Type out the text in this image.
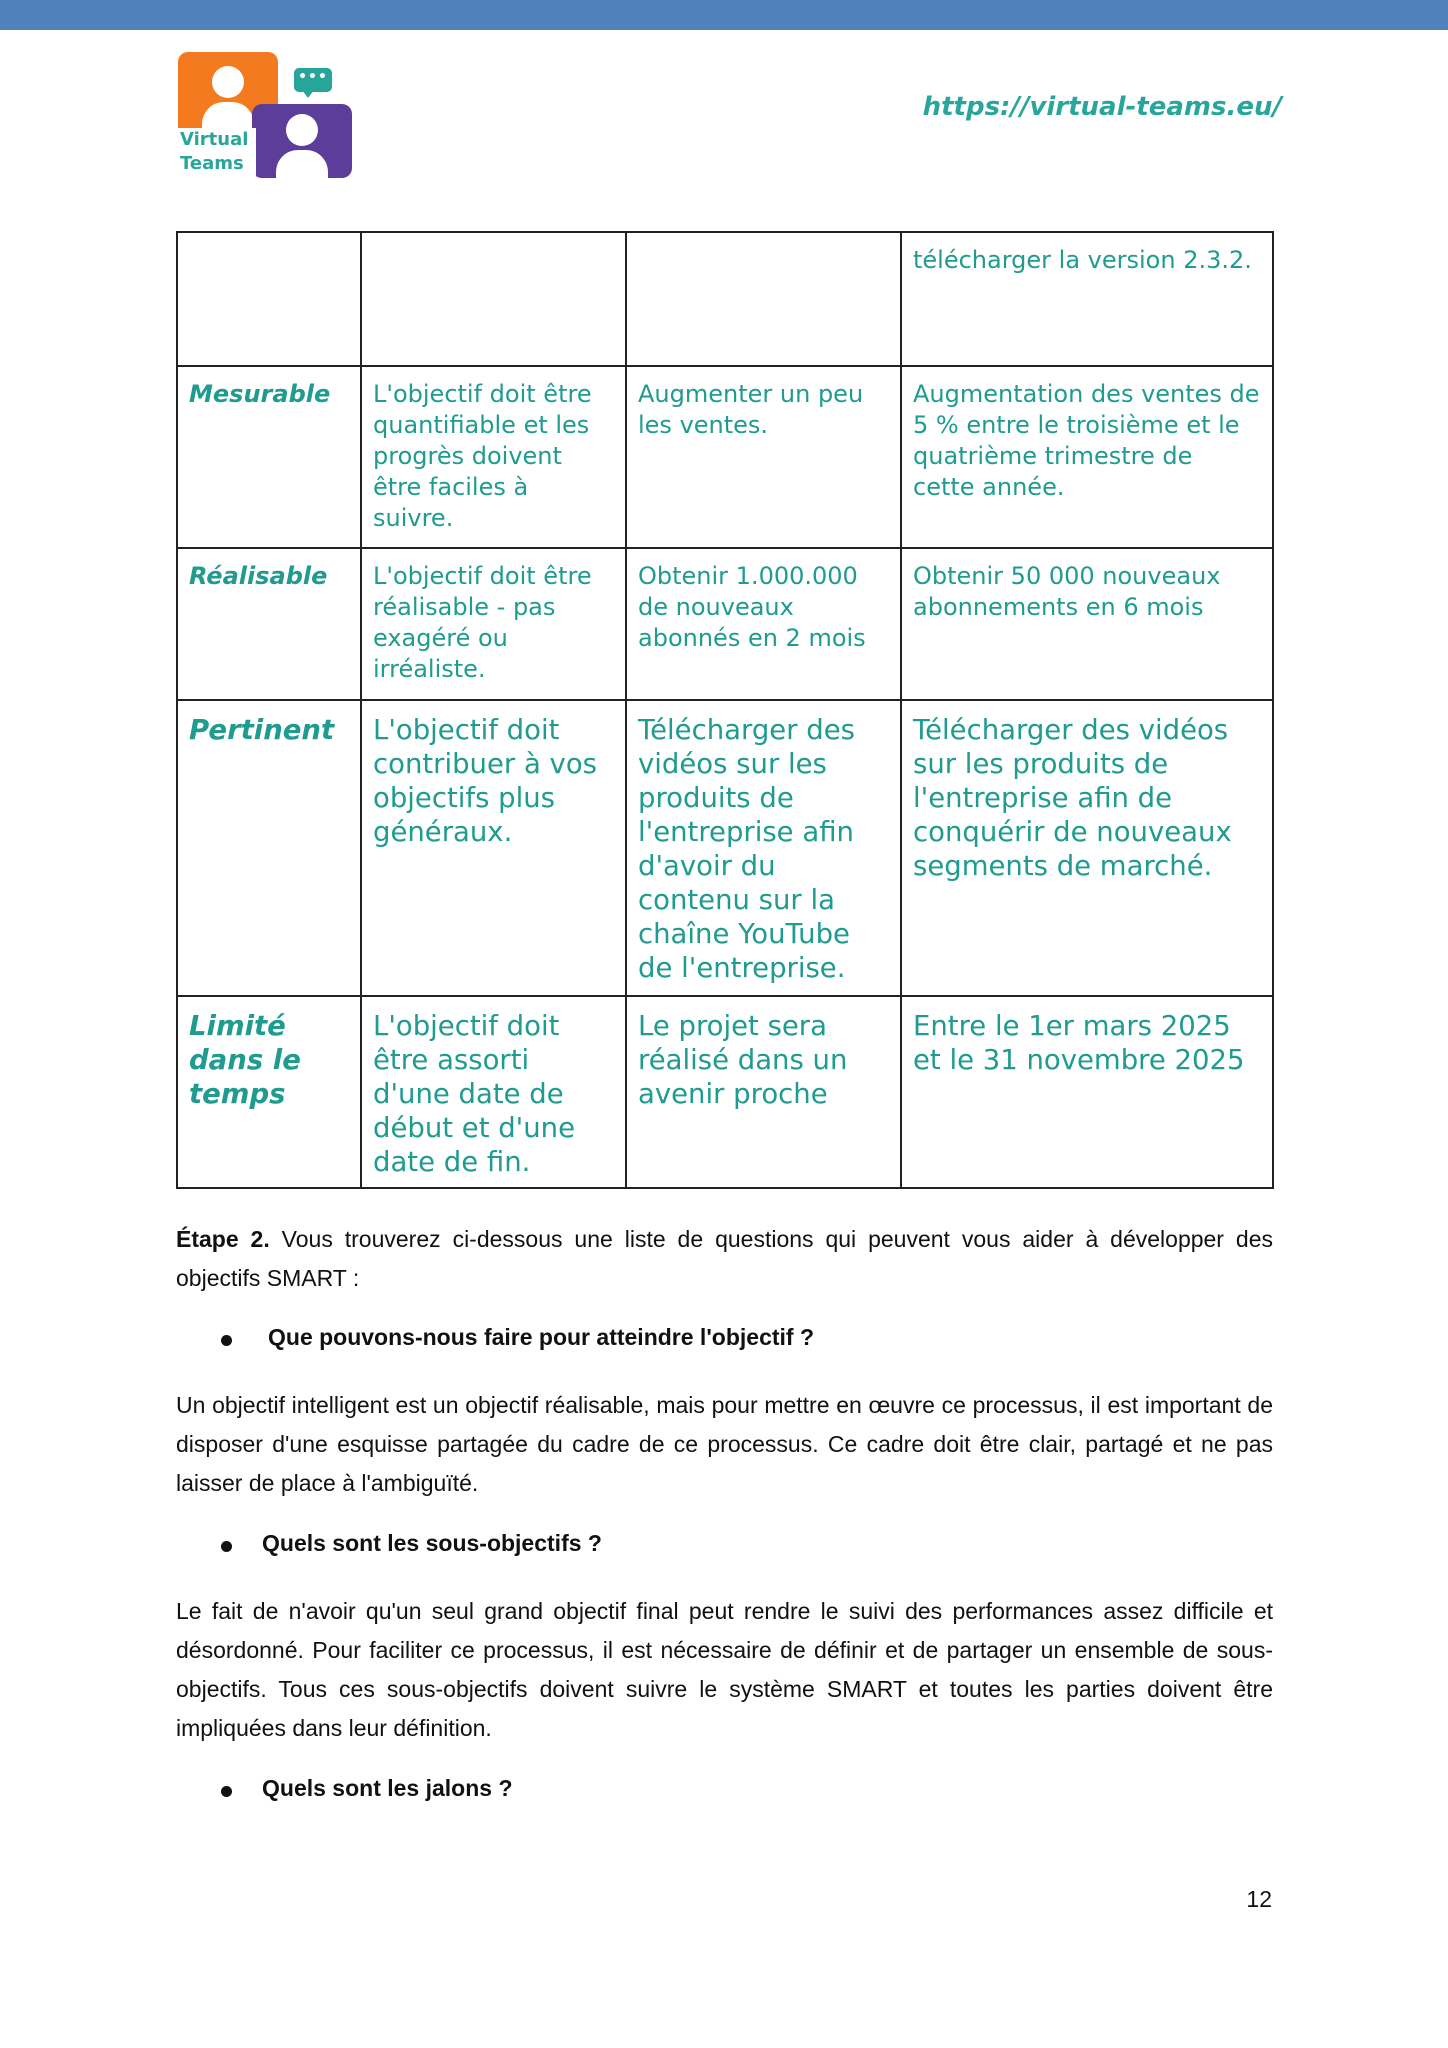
•••
Virtual
Teams
https://virtual-teams.eu/
			télécharger la version 2.3.2.
Mesurable	L'objectif doit être quantifiable et les progrès doivent être faciles à suivre.	Augmenter un peu les ventes.	Augmentation des ventes de 5 % entre le troisième et le quatrième trimestre de cette année.
Réalisable	L'objectif doit être réalisable - pas exagéré ou irréaliste.	Obtenir 1.000.000 de nouveaux abonnés en 2 mois	Obtenir 50 000 nouveaux abonnements en 6 mois
Pertinent	L'objectif doit contribuer à vos objectifs plus généraux.	Télécharger des vidéos sur les produits de l'entreprise afin d'avoir du contenu sur la chaîne YouTube de l'entreprise.	Télécharger des vidéos sur les produits de l'entreprise afin de conquérir de nouveaux segments de marché.
Limité dans le temps	L'objectif doit être assorti d'une date de début et d'une date de fin.	Le projet sera réalisé dans un avenir proche	Entre le 1er mars 2025 et le 31 novembre 2025
Étape 2. Vous trouverez ci-dessous une liste de questions qui peuvent vous aider à développer des objectifs SMART :
Que pouvons-nous faire pour atteindre l'objectif ?
Un objectif intelligent est un objectif réalisable, mais pour mettre en œuvre ce processus, il est important de disposer d'une esquisse partagée du cadre de ce processus. Ce cadre doit être clair, partagé et ne pas laisser de place à l'ambiguïté.
Quels sont les sous-objectifs ?
Le fait de n'avoir qu'un seul grand objectif final peut rendre le suivi des performances assez difficile et désordonné. Pour faciliter ce processus, il est nécessaire de définir et de partager un ensemble de sous-objectifs. Tous ces sous-objectifs doivent suivre le système SMART et toutes les parties doivent être impliquées dans leur définition.
Quels sont les jalons ?
12
